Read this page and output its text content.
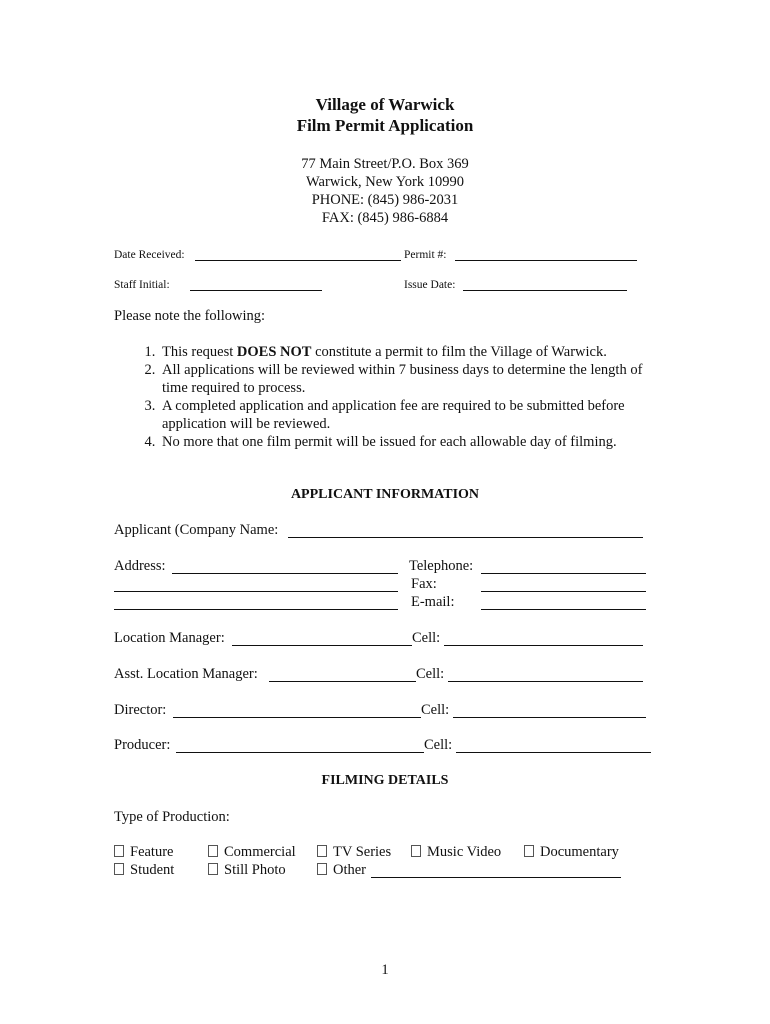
Village of Warwick
Film Permit Application
77 Main Street/P.O. Box 369
Warwick, New York 10990
PHONE: (845) 986-2031
FAX: (845) 986-6884
Date Received:	Permit #:
Staff Initial:	Issue Date:
Please note the following:
1. This request DOES NOT constitute a permit to film the Village of Warwick.
2. All applications will be reviewed within 7 business days to determine the length of time required to process.
3. A completed application and application fee are required to be submitted before application will be reviewed.
4. No more that one film permit will be issued for each allowable day of filming.
APPLICANT INFORMATION
Applicant (Company Name:
Address:	Telephone:
Fax:
E-mail:
Location Manager:	Cell:
Asst. Location Manager:	Cell:
Director:	Cell:
Producer:	Cell:
FILMING DETAILS
Type of Production:
Feature	Commercial	TV Series	Music Video	Documentary
Student	Still Photo	Other
1
